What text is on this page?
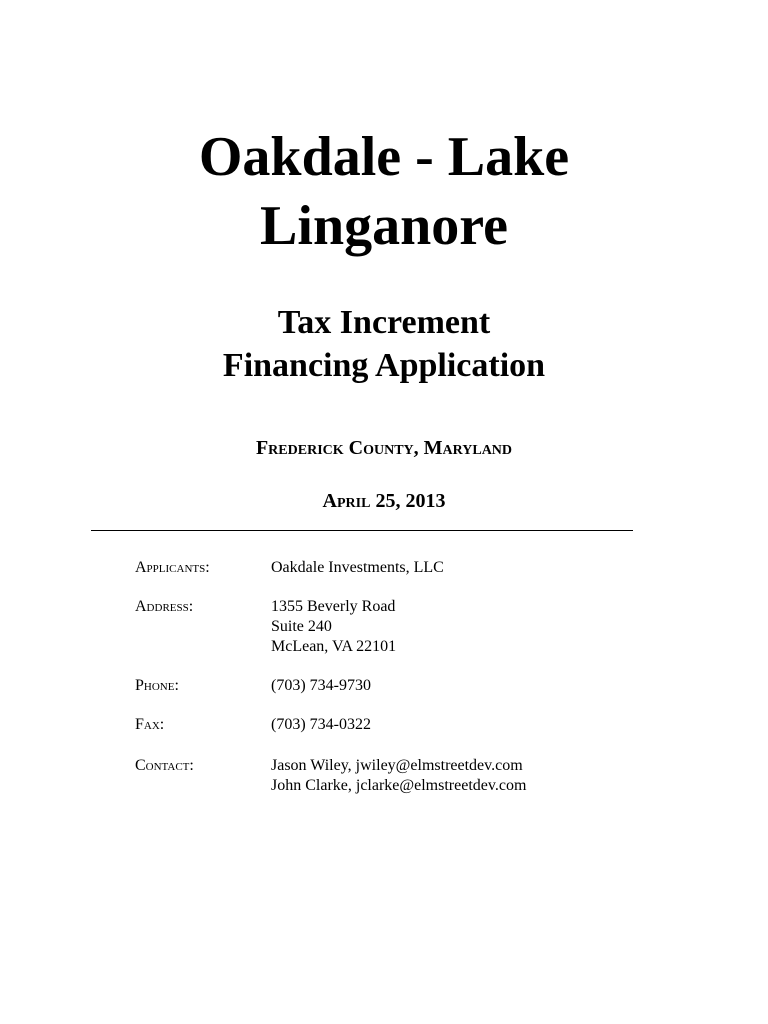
Oakdale - Lake
Linganore
Tax Increment
Financing Application
Frederick County, Maryland
April 25, 2013
Applicants:	Oakdale Investments, LLC
Address:	1355 Beverly Road
Suite 240
McLean, VA 22101
Phone:	(703) 734-9730
Fax:	(703) 734-0322
Contact:	Jason Wiley, jwiley@elmstreetdev.com
John Clarke, jclarke@elmstreetdev.com
